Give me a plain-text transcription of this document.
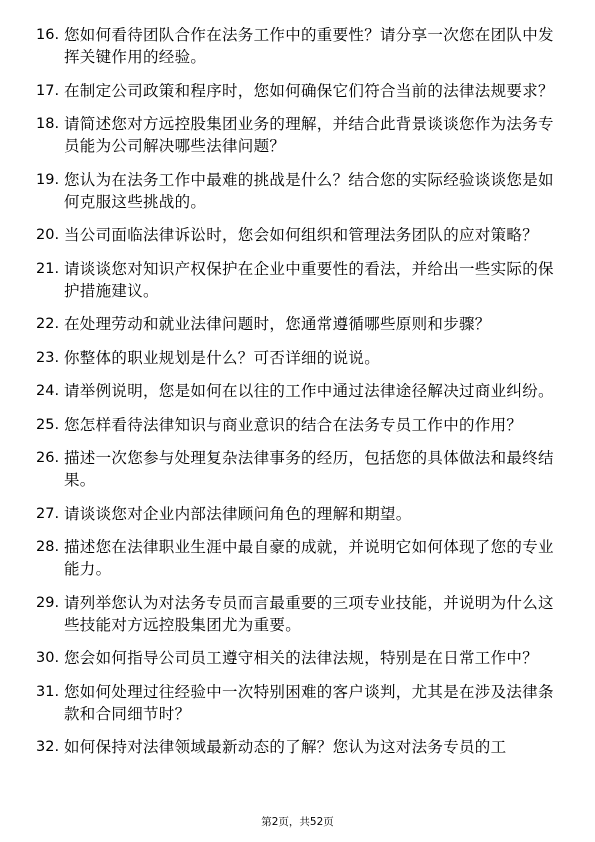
16. 您如何看待团队合作在法务工作中的重要性？请分享一次您在团队中发挥关键作用的经验。
17. 在制定公司政策和程序时，您如何确保它们符合当前的法律法规要求？
18. 请简述您对方远控股集团业务的理解，并结合此背景谈谈您作为法务专员能为公司解决哪些法律问题？
19. 您认为在法务工作中最难的挑战是什么？结合您的实际经验谈谈您是如何克服这些挑战的。
20. 当公司面临法律诉讼时，您会如何组织和管理法务团队的应对策略？
21. 请谈谈您对知识产权保护在企业中重要性的看法，并给出一些实际的保护措施建议。
22. 在处理劳动和就业法律问题时，您通常遵循哪些原则和步骤？
23. 你整体的职业规划是什么？可否详细的说说。
24. 请举例说明，您是如何在以往的工作中通过法律途径解决过商业纠纷。
25. 您怎样看待法律知识与商业意识的结合在法务专员工作中的作用？
26. 描述一次您参与处理复杂法律事务的经历，包括您的具体做法和最终结果。
27. 请谈谈您对企业内部法律顾问角色的理解和期望。
28. 描述您在法律职业生涯中最自豪的成就，并说明它如何体现了您的专业能力。
29. 请列举您认为对法务专员而言最重要的三项专业技能，并说明为什么这些技能对方远控股集团尤为重要。
30. 您会如何指导公司员工遵守相关的法律法规，特别是在日常工作中？
31. 您如何处理过往经验中一次特别困难的客户谈判，尤其是在涉及法律条款和合同细节时？
32. 如何保持对法律领域最新动态的了解？您认为这对法务专员的工
第2页，共52页
